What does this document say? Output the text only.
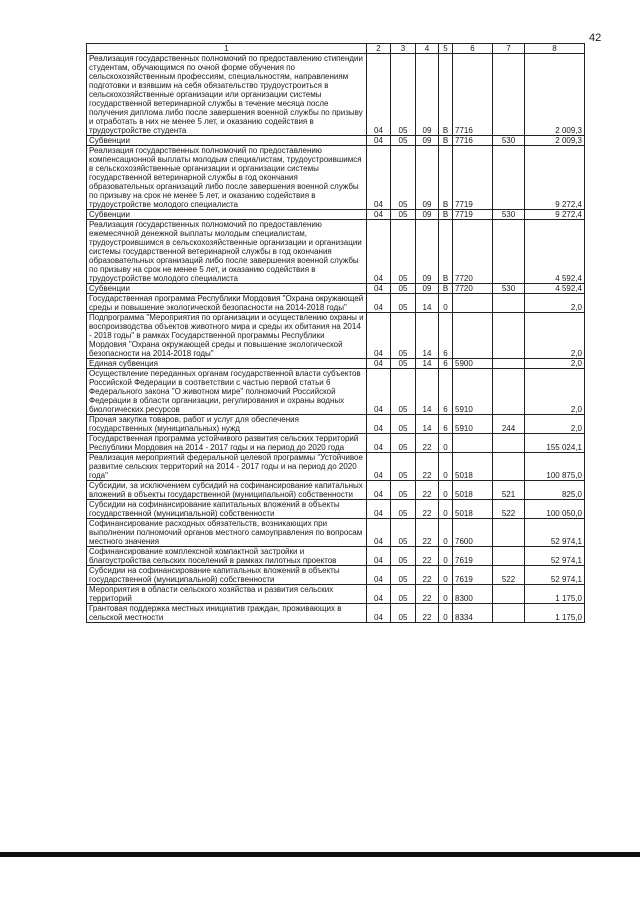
42
1	2	3	4	5	6	7	8
Реализация государственных полномочий по предоставлению стипендии студентам, обучающимся по очной форме обучения по сельскохозяйственным профессиям, специальностям, направлениям подготовки и взявшим на себя обязательство трудоустроиться в сельскохозяйственные организации или организации системы государственной ветеринарной службы в течение месяца после получения диплома либо после завершения военной службы по призыву и отработать в них не менее 5 лет, и оказанию содействия в трудоустройстве студента	04	05	09	В	7716		2 009,3
Субвенции	04	05	09	В	7716	530	2 009,3
Реализация государственных полномочий по предоставлению компенсационной выплаты молодым специалистам, трудоустроившимся в сельскохозяйственные организации и организации системы государственной ветеринарной службы в год окончания образовательных организаций либо после завершения военной службы по призыву на срок не менее 5 лет, и оказанию содействия в трудоустройстве молодого специалиста	04	05	09	В	7719		9 272,4
Субвенции	04	05	09	В	7719	530	9 272,4
Реализация государственных полномочий по предоставлению ежемесячной денежной выплаты молодым специалистам, трудоустроившимся в сельскохозяйственные организации и организации системы государственной ветеринарной службы в год окончания образовательных организаций либо после завершения военной службы по призыву на срок не менее 5 лет, и оказанию содействия в трудоустройстве молодого специалиста	04	05	09	В	7720		4 592,4
Субвенции	04	05	09	В	7720	530	4 592,4
Государственная программа Республики Мордовия "Охрана окружающей среды и повышение экологической безопасности на 2014-2018 годы"	04	05	14	0			2,0
Подпрограмма "Мероприятия по организации и осуществлению охраны и воспроизводства объектов животного мира и среды их обитания на 2014 - 2018 годы" в рамках Государственной программы Республики Мордовия "Охрана окружающей среды и повышение экологической безопасности на 2014-2018 годы"	04	05	14	6			2,0
Единая субвенция	04	05	14	6	5900		2,0
Осуществление переданных органам государственной власти субъектов Российской Федерации в соответствии с частью первой статьи 6 Федерального закона "О животном мире" полномочий Российской Федерации в области организации, регулирования и охраны водных биологических ресурсов	04	05	14	6	5910		2,0
Прочая закупка товаров, работ и услуг для обеспечения государственных (муниципальных) нужд	04	05	14	6	5910	244	2,0
Государственная программа устойчивого развития сельских территорий Республики Мордовия на 2014 - 2017 годы и на период до 2020 года	04	05	22	0			155 024,1
Реализация мероприятий федеральной целевой программы "Устойчивое развитие сельских территорий на 2014 - 2017 годы и на период до 2020 года"	04	05	22	0	5018		100 875,0
Субсидии, за исключением субсидий на софинансирование капитальных вложений в объекты государственной (муниципальной) собственности	04	05	22	0	5018	521	825,0
Субсидии на софинансирование капитальных вложений в объекты государственной (муниципальной) собственности	04	05	22	0	5018	522	100 050,0
Софинансирование расходных обязательств, возникающих при выполнении полномочий органов местного самоуправления по вопросам местного значения	04	05	22	0	7600		52 974,1
Софинансирование комплексной компактной застройки и благоустройства сельских поселений в рамках пилотных проектов	04	05	22	0	7619		52 974,1
Субсидии на софинансирование капитальных вложений в объекты государственной (муниципальной) собственности	04	05	22	0	7619	522	52 974,1
Мероприятия в области сельского хозяйства и развития сельских территорий	04	05	22	0	8300		1 175,0
Грантовая поддержка местных инициатив граждан, проживающих в сельской местности	04	05	22	0	8334		1 175,0
